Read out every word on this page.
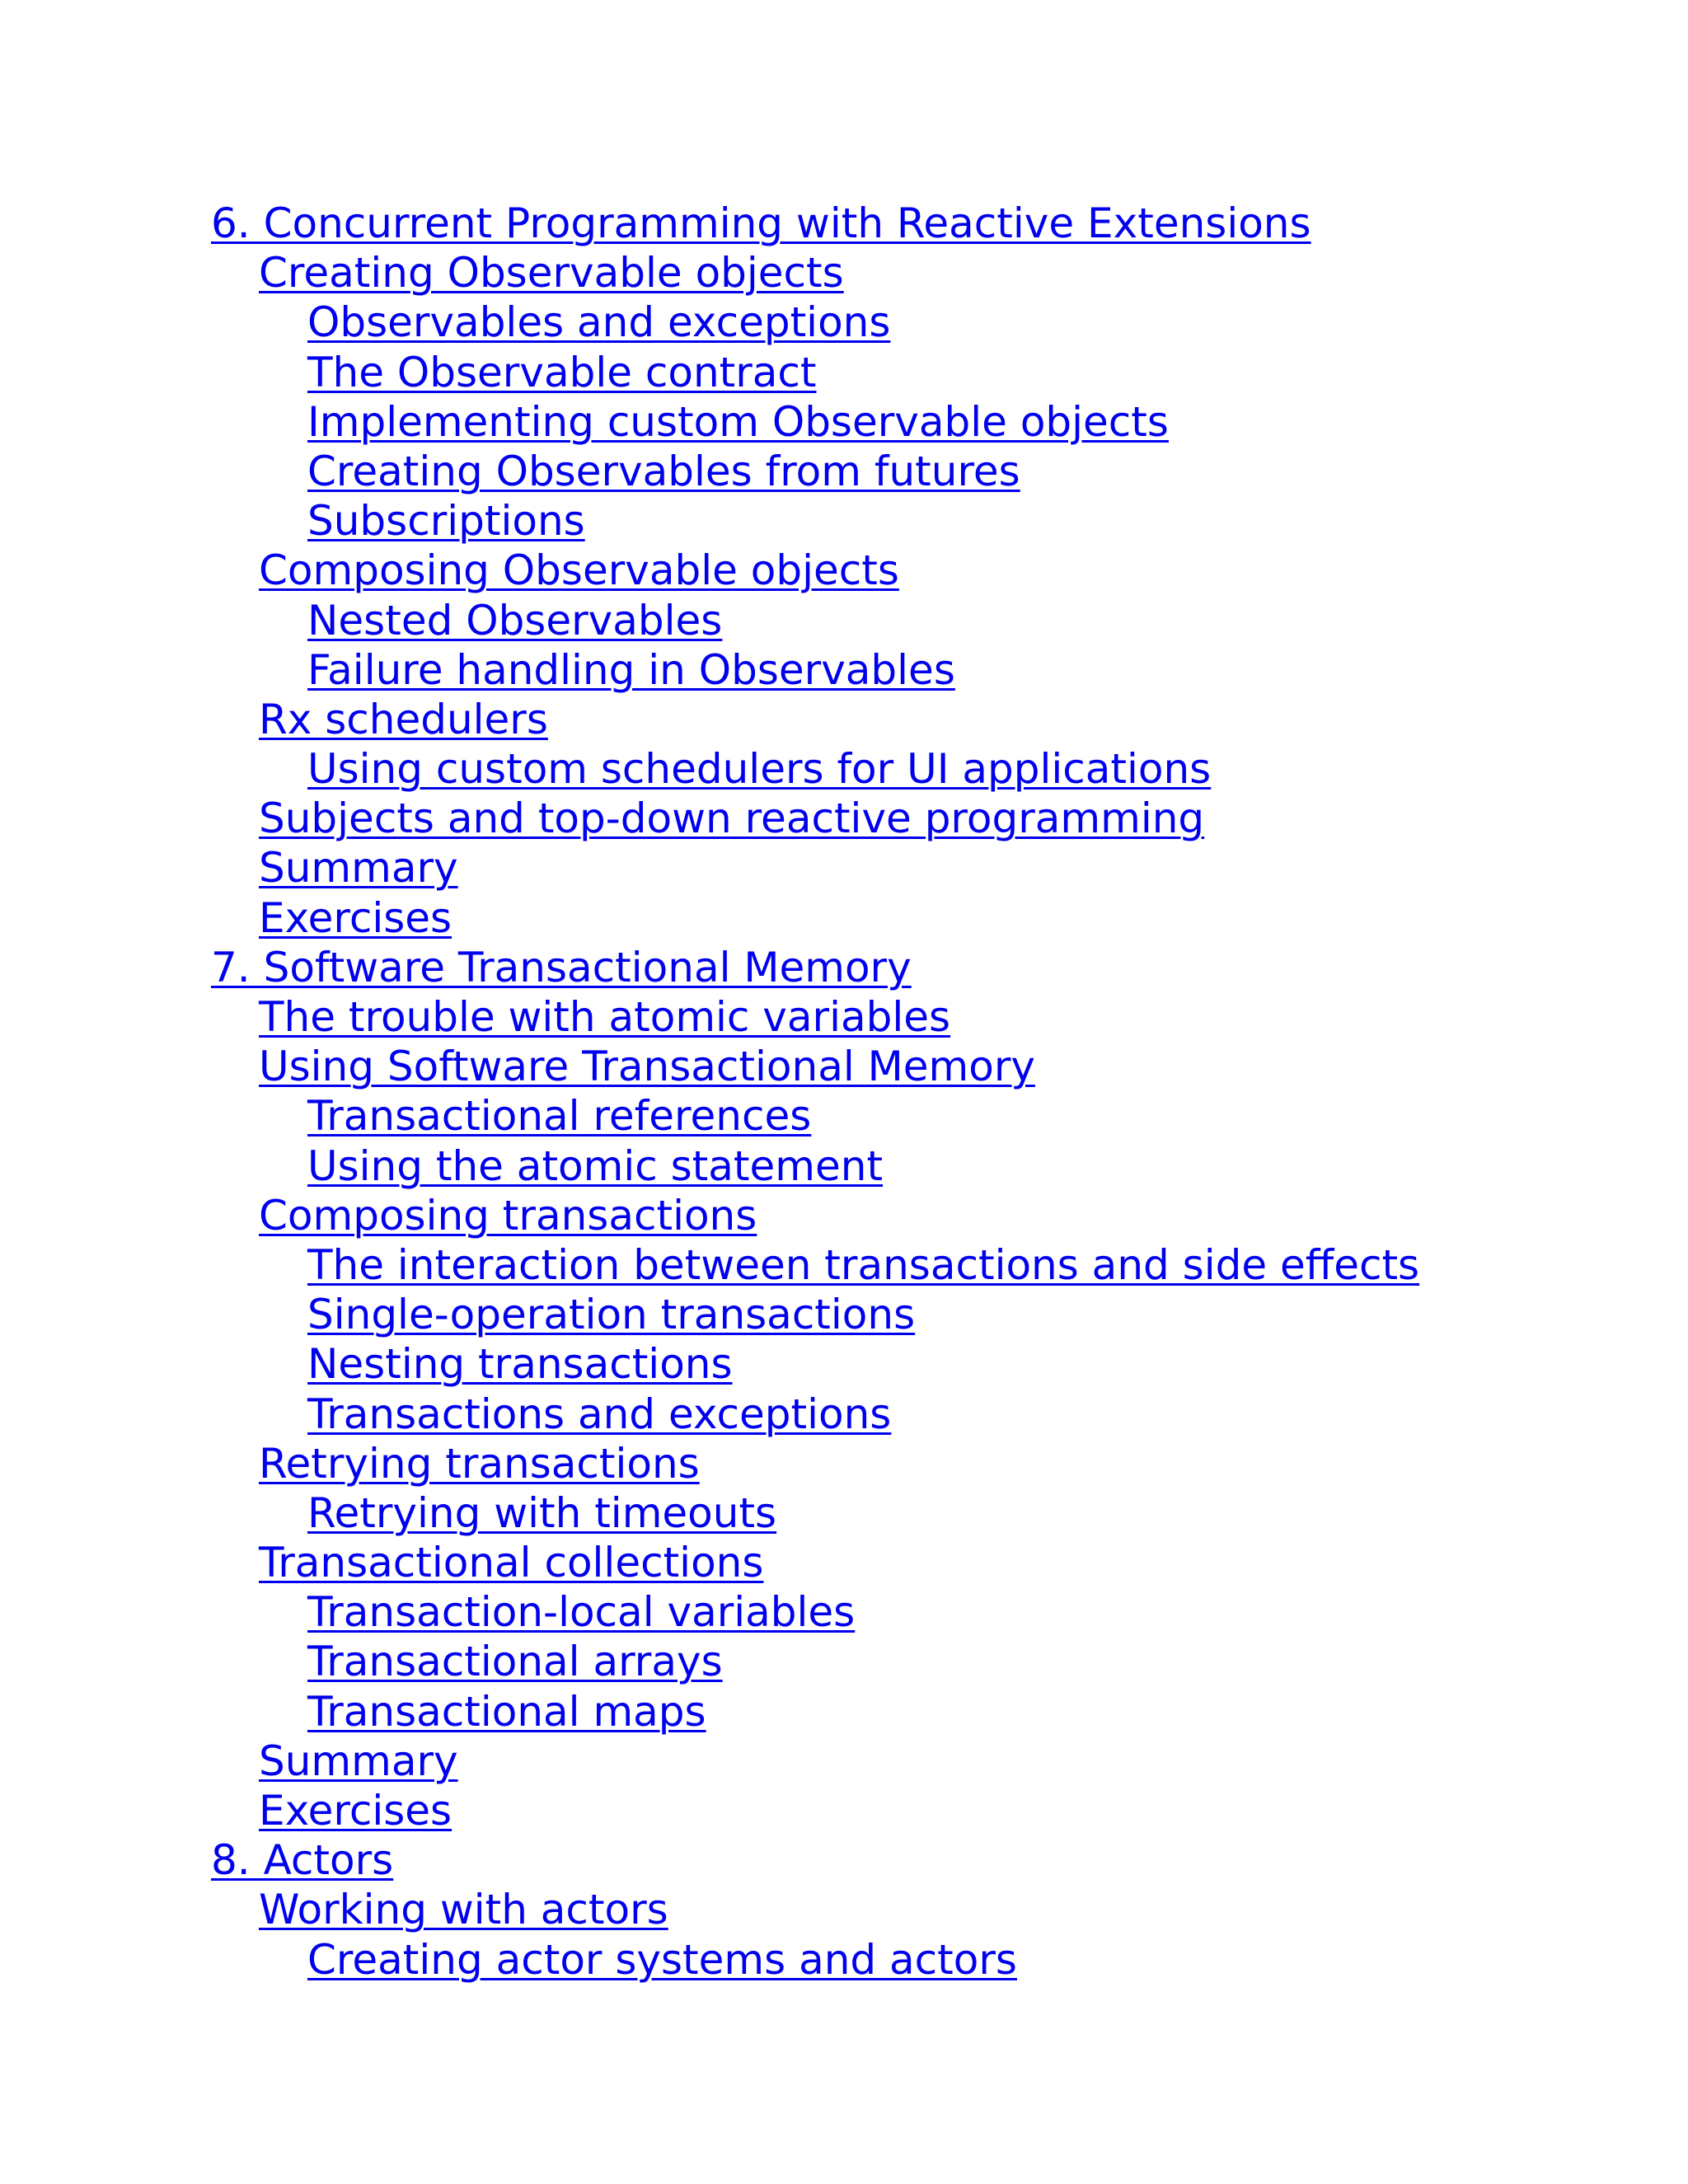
6. Concurrent Programming with Reactive Extensions
Creating Observable objects
Observables and exceptions
The Observable contract
Implementing custom Observable objects
Creating Observables from futures
Subscriptions
Composing Observable objects
Nested Observables
Failure handling in Observables
Rx schedulers
Using custom schedulers for UI applications
Subjects and top-down reactive programming
Summary
Exercises
7. Software Transactional Memory
The trouble with atomic variables
Using Software Transactional Memory
Transactional references
Using the atomic statement
Composing transactions
The interaction between transactions and side effects
Single-operation transactions
Nesting transactions
Transactions and exceptions
Retrying transactions
Retrying with timeouts
Transactional collections
Transaction-local variables
Transactional arrays
Transactional maps
Summary
Exercises
8. Actors
Working with actors
Creating actor systems and actors
